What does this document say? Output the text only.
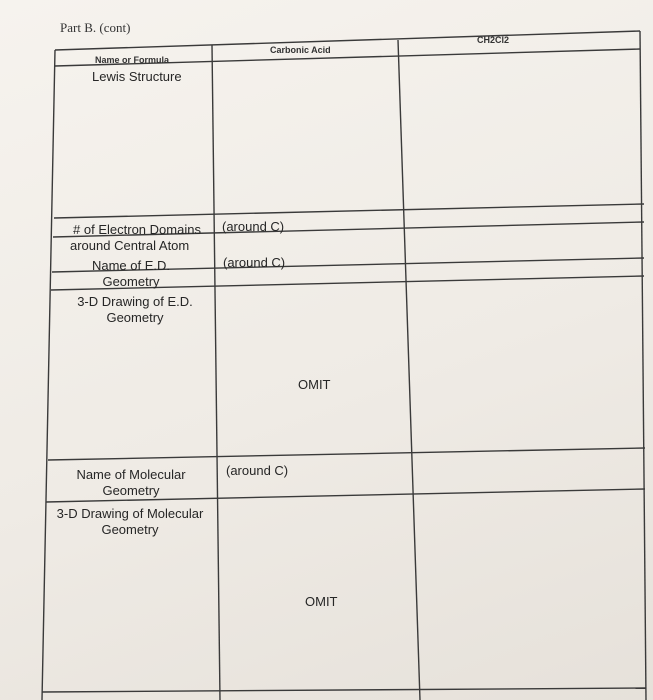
Part B. (cont)
Name or Formula
Carbonic Acid
CH2Cl2
Lewis Structure
# of Electron Domains
around Central Atom
(around C)
Name of E.D.
Geometry
(around C)
3-D Drawing of E.D.
Geometry
OMIT
Name of Molecular
Geometry
(around C)
3-D Drawing of Molecular
Geometry
OMIT
